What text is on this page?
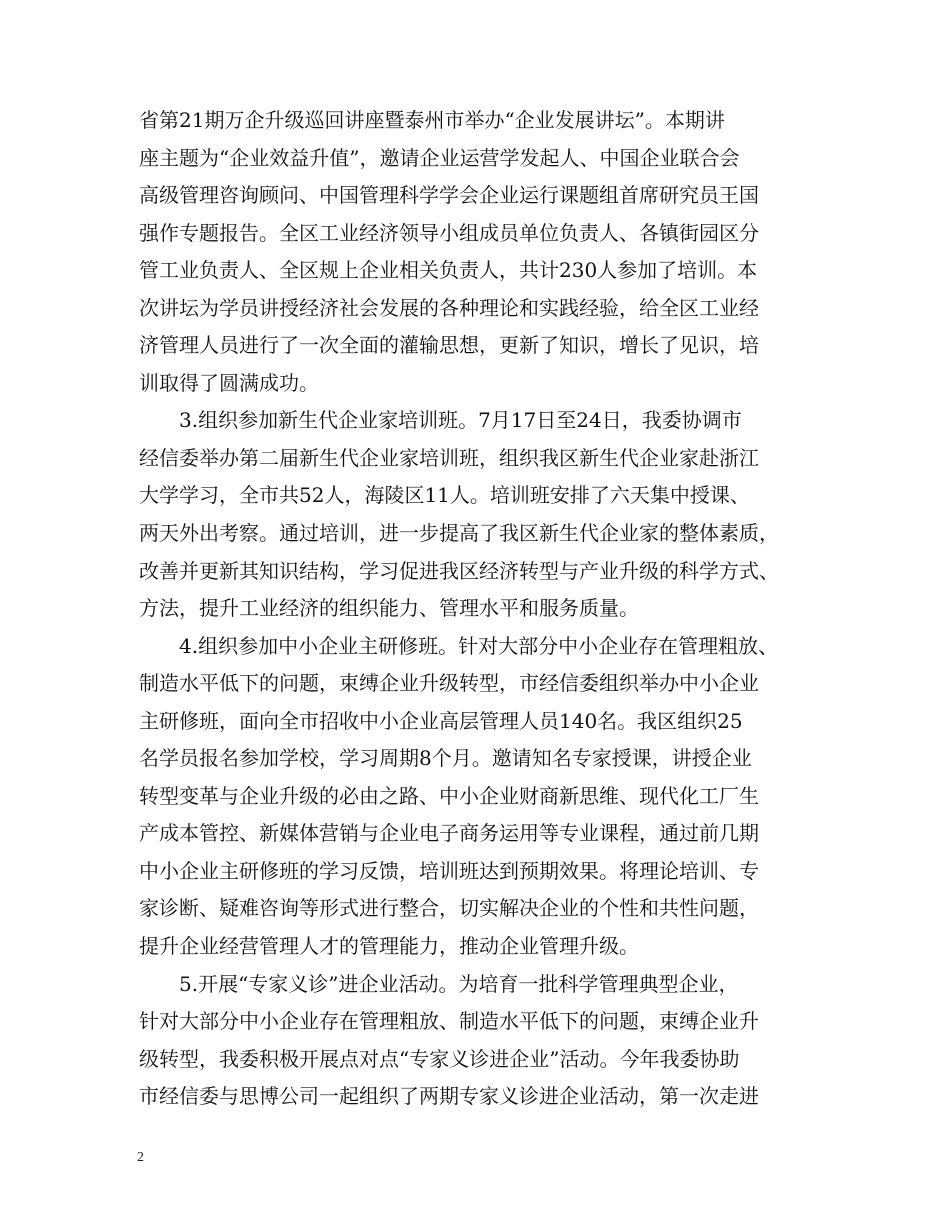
省第21期万企升级巡回讲座暨泰州市举办“企业发展讲坛”。本期讲
座主题为“企业效益升值”，邀请企业运营学发起人、中国企业联合会
高级管理咨询顾问、中国管理科学学会企业运行课题组首席研究员王国
强作专题报告。全区工业经济领导小组成员单位负责人、各镇街园区分
管工业负责人、全区规上企业相关负责人，共计230人参加了培训。本
次讲坛为学员讲授经济社会发展的各种理论和实践经验，给全区工业经
济管理人员进行了一次全面的灌输思想，更新了知识，增长了见识，培
训取得了圆满成功。
3.组织参加新生代企业家培训班。7月17日至24日，我委协调市
经信委举办第二届新生代企业家培训班，组织我区新生代企业家赴浙江
大学学习，全市共52人，海陵区11人。培训班安排了六天集中授课、
两天外出考察。通过培训，进一步提高了我区新生代企业家的整体素质，
改善并更新其知识结构，学习促进我区经济转型与产业升级的科学方式、
方法，提升工业经济的组织能力、管理水平和服务质量。
4.组织参加中小企业主研修班。针对大部分中小企业存在管理粗放、
制造水平低下的问题，束缚企业升级转型，市经信委组织举办中小企业
主研修班，面向全市招收中小企业高层管理人员140名。我区组织25
名学员报名参加学校，学习周期8个月。邀请知名专家授课，讲授企业
转型变革与企业升级的必由之路、中小企业财商新思维、现代化工厂生
产成本管控、新媒体营销与企业电子商务运用等专业课程，通过前几期
中小企业主研修班的学习反馈，培训班达到预期效果。将理论培训、专
家诊断、疑难咨询等形式进行整合，切实解决企业的个性和共性问题，
提升企业经营管理人才的管理能力，推动企业管理升级。
5.开展“专家义诊”进企业活动。为培育一批科学管理典型企业，
针对大部分中小企业存在管理粗放、制造水平低下的问题，束缚企业升
级转型，我委积极开展点对点“专家义诊进企业”活动。今年我委协助
市经信委与思博公司一起组织了两期专家义诊进企业活动，第一次走进
2
